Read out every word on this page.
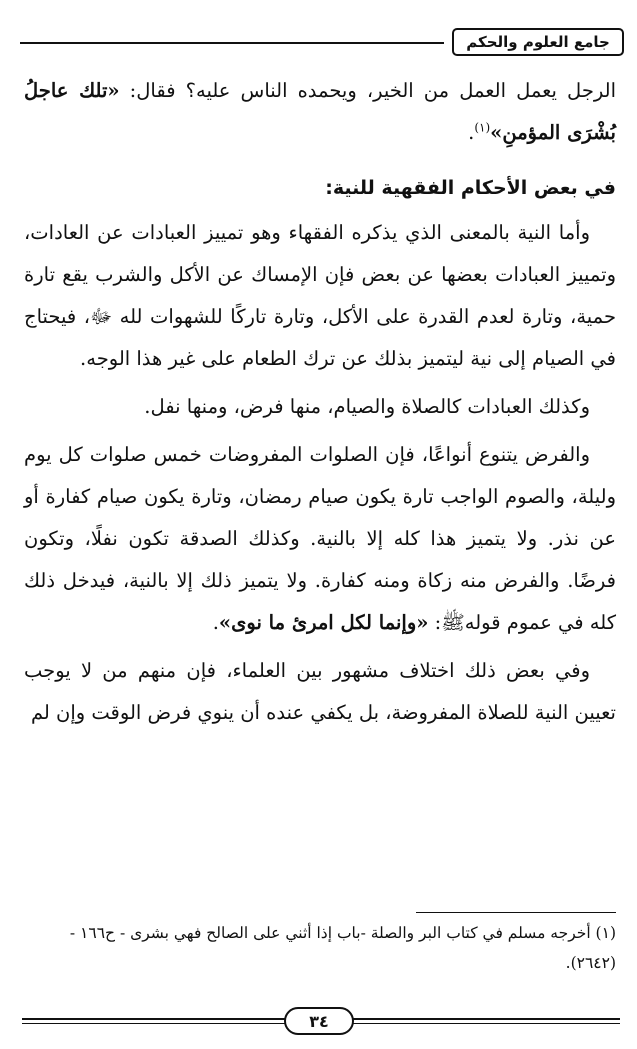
جامع العلوم والحكم

الرجل يعمل العمل من الخير، ويحمده الناس عليه؟ فقال: «تلك عاجلُ بُشْرَى المؤمنِ»$^{(١)}$.

في بعض الأحكام الفقهية للنية:

وأما النية بالمعنى الذي يذكره الفقهاء وهو تمييز العبادات عن العادات، وتمييز العبادات بعضها عن بعض فإن الإمساك عن الأكل والشرب يقع تارة حمية، وتارة لعدم القدرة على الأكل، وتارة تاركًا للشهوات لله ﷻ، فيحتاج في الصيام إلى نية ليتميز بذلك عن ترك الطعام على غير هذا الوجه.

وكذلك العبادات كالصلاة والصيام، منها فرض، ومنها نفل.

والفرض يتنوع أنواعًا، فإن الصلوات المفروضات خمس صلوات كل يوم وليلة، والصوم الواجب تارة يكون صيام رمضان، وتارة يكون صيام كفارة أو عن نذر. ولا يتميز هذا كله إلا بالنية. وكذلك الصدقة تكون نفلًا، وتكون فرضًا. والفرض منه زكاة ومنه كفارة. ولا يتميز ذلك إلا بالنية، فيدخل ذلك كله في عموم قولهﷺ: «وإنما لكل امرئ ما نوى».

وفي بعض ذلك اختلاف مشهور بين العلماء، فإن منهم من لا يوجب تعيين النية للصلاة المفروضة، بل يكفي عنده أن ينوي فرض الوقت وإن لم

(١) أخرجه مسلم في كتاب البر والصلة -باب إذا أثني على الصالح فهي بشرى - ح١٦٦ - (٢٦٤٢).
٣٤
